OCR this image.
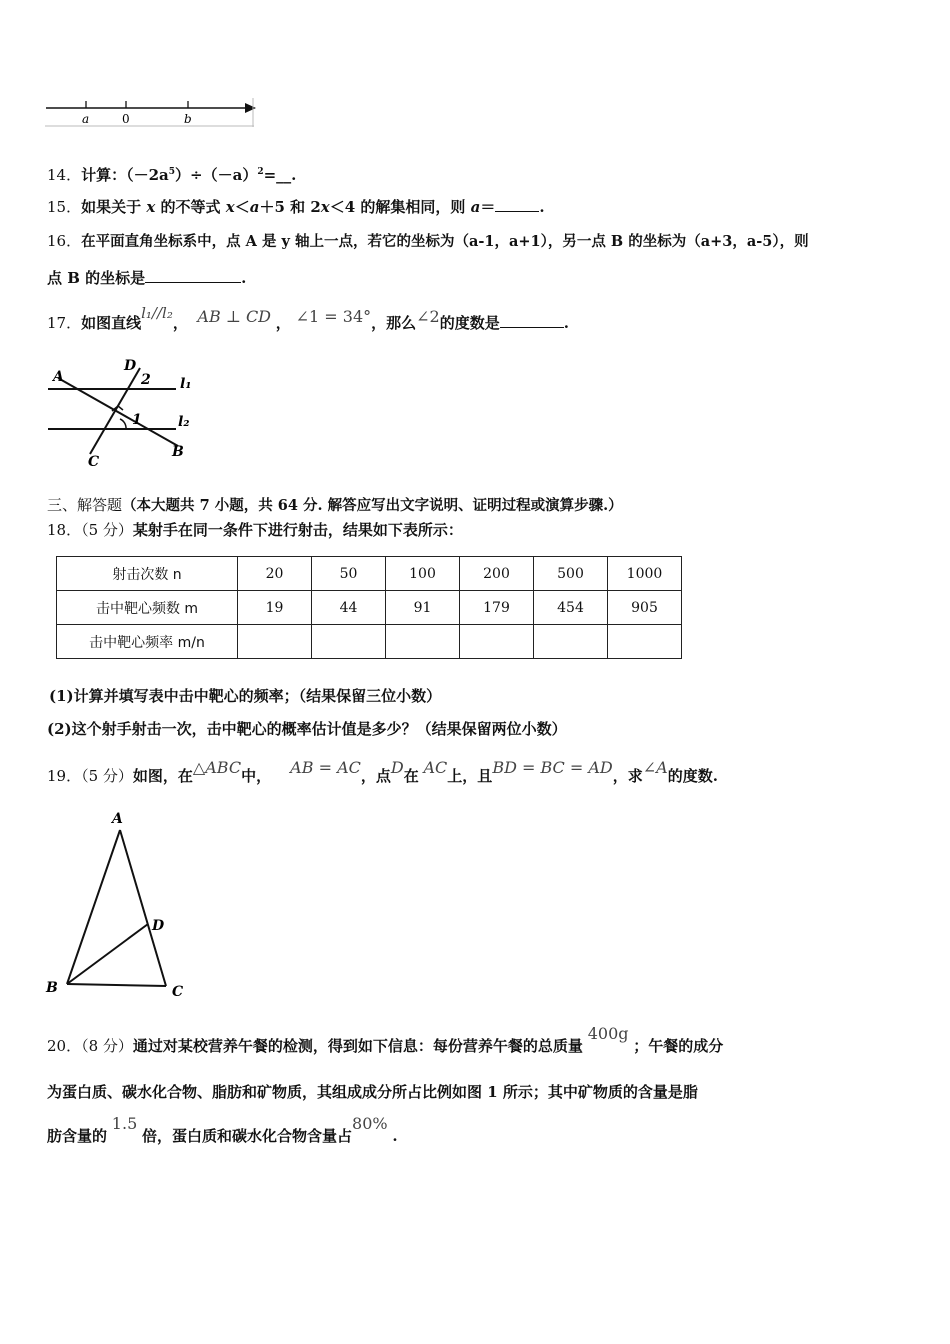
a	0	b
14．计算：$(-2a^5)\div(-a)^2=\_\_$.
15．如果关于 x 的不等式 x＜a＋5 和 2x＜4 的解集相同，则 a＝	.
16．在平面直角坐标系中，点 A 是 y 轴上一点，若它的坐标为（a-1，a+1），另一点 B 的坐标为（a+3，a-5），则
点 B 的坐标是	.
17．如图直线l₁//l₂， AB ⊥ CD ， ∠1 = 34°，那么∠2的度数是	.
A
D
2 l₁
1	l₂
C
B
三、解答题（本大题共 7 小题，共 64 分. 解答应写出文字说明、证明过程或演算步骤.）
18．（5 分）某射手在同一条件下进行射击，结果如下表所示：
射击次数 n	20	50	100	200	500	1000
击中靶心频数 m	19	44	91	179	454	905
击中靶心频率 m/n						
(1)计算并填写表中击中靶心的频率；（结果保留三位小数）
(2)这个射手射击一次，击中靶心的概率估计值是多少？（结果保留两位小数）
19．（5 分）如图，在△ABC中， AB = AC，点D在 AC上，且BD = BC = AD，求∠A的度数.
A
D
B	C
20．（8 分）通过对某校营养午餐的检测，得到如下信息：每份营养午餐的总质量 400g ；午餐的成分
为蛋白质、碳水化合物、脂肪和矿物质，其组成成分所占比例如图 1 所示；其中矿物质的含量是脂
肪含量的 1.5 倍，蛋白质和碳水化合物含量占80% .
